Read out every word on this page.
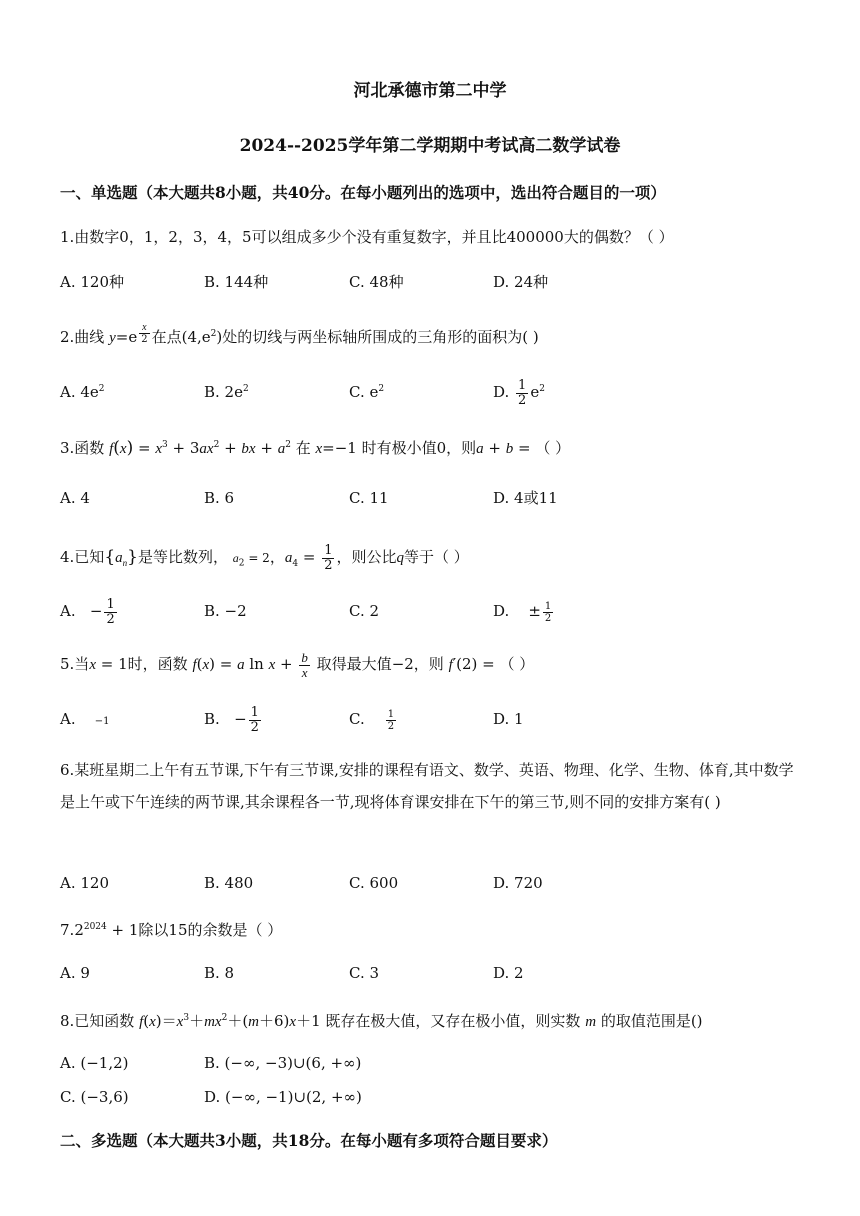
河北承德市第二中学
2024--2025学年第二学期期中考试高二数学试卷
一、单选题（本大题共8小题，共40分。在每小题列出的选项中，选出符合题目的一项）
1.由数字0，1，2，3，4，5可以组成多少个没有重复数字，并且比400000大的偶数？（ ）
A. 120种	B. 144种	C. 48种	D. 24种
2.曲线 y=e $^{\frac{x}{2}}$ 在点$(4,e^2)$处的切线与两坐标轴所围成的三角形的面积为( )
A. $4e^2$	B. $2e^2$	C. $e^2$	D. $\frac{1}{2} e^2$
3.函数 $f(x) = x^3 + 3ax^2$ + bx + $a^2$ 在 x=−1 时有极小值0，则a + b = （ ）
A. 4	B. 6	C. 11	D. 4或11
4.已知$\{a_n\}$是等比数列， $a_2 = 2$，$a_4 = \frac{1}{2}$ ，则公比q等于（ ）
A.   − $\frac{1}{2}$	B. −2	C. 2	D.    ± $\frac{1}{2}$
5.当x = 1时，函数 f(x) = a $\ln x + \frac{b}{x}$ 取得最大值−2，则 f′(2) = （ ）
A. −1	B.   − $\frac{1}{2}$	C. $\frac{1}{2}$	D. 1
6.某班星期二上午有五节课,下午有三节课,安排的课程有语文、数学、英语、物理、化学、生物、体育,其中数学是上午或下午连续的两节课,其余课程各一节,现将体育课安排在下午的第三节,则不同的安排方案有( )
A. 120	B. 480	C. 600	D. 720
$7.2^{2024} + 1$除以15的余数是（ ）
A. 9	B. 8	C. 3	D. 2
8.已知函数 $f(x)=x^3+mx^2+(m+6)x+1$ 既存在极大值，又存在极小值，则实数 m 的取值范围是()
A. (−1,2)	B. (−∞, −3)∪(6, +∞)
C. (−3,6)	D. (−∞, −1)∪(2, +∞)
二、多选题（本大题共3小题，共18分。在每小题有多项符合题目要求）
